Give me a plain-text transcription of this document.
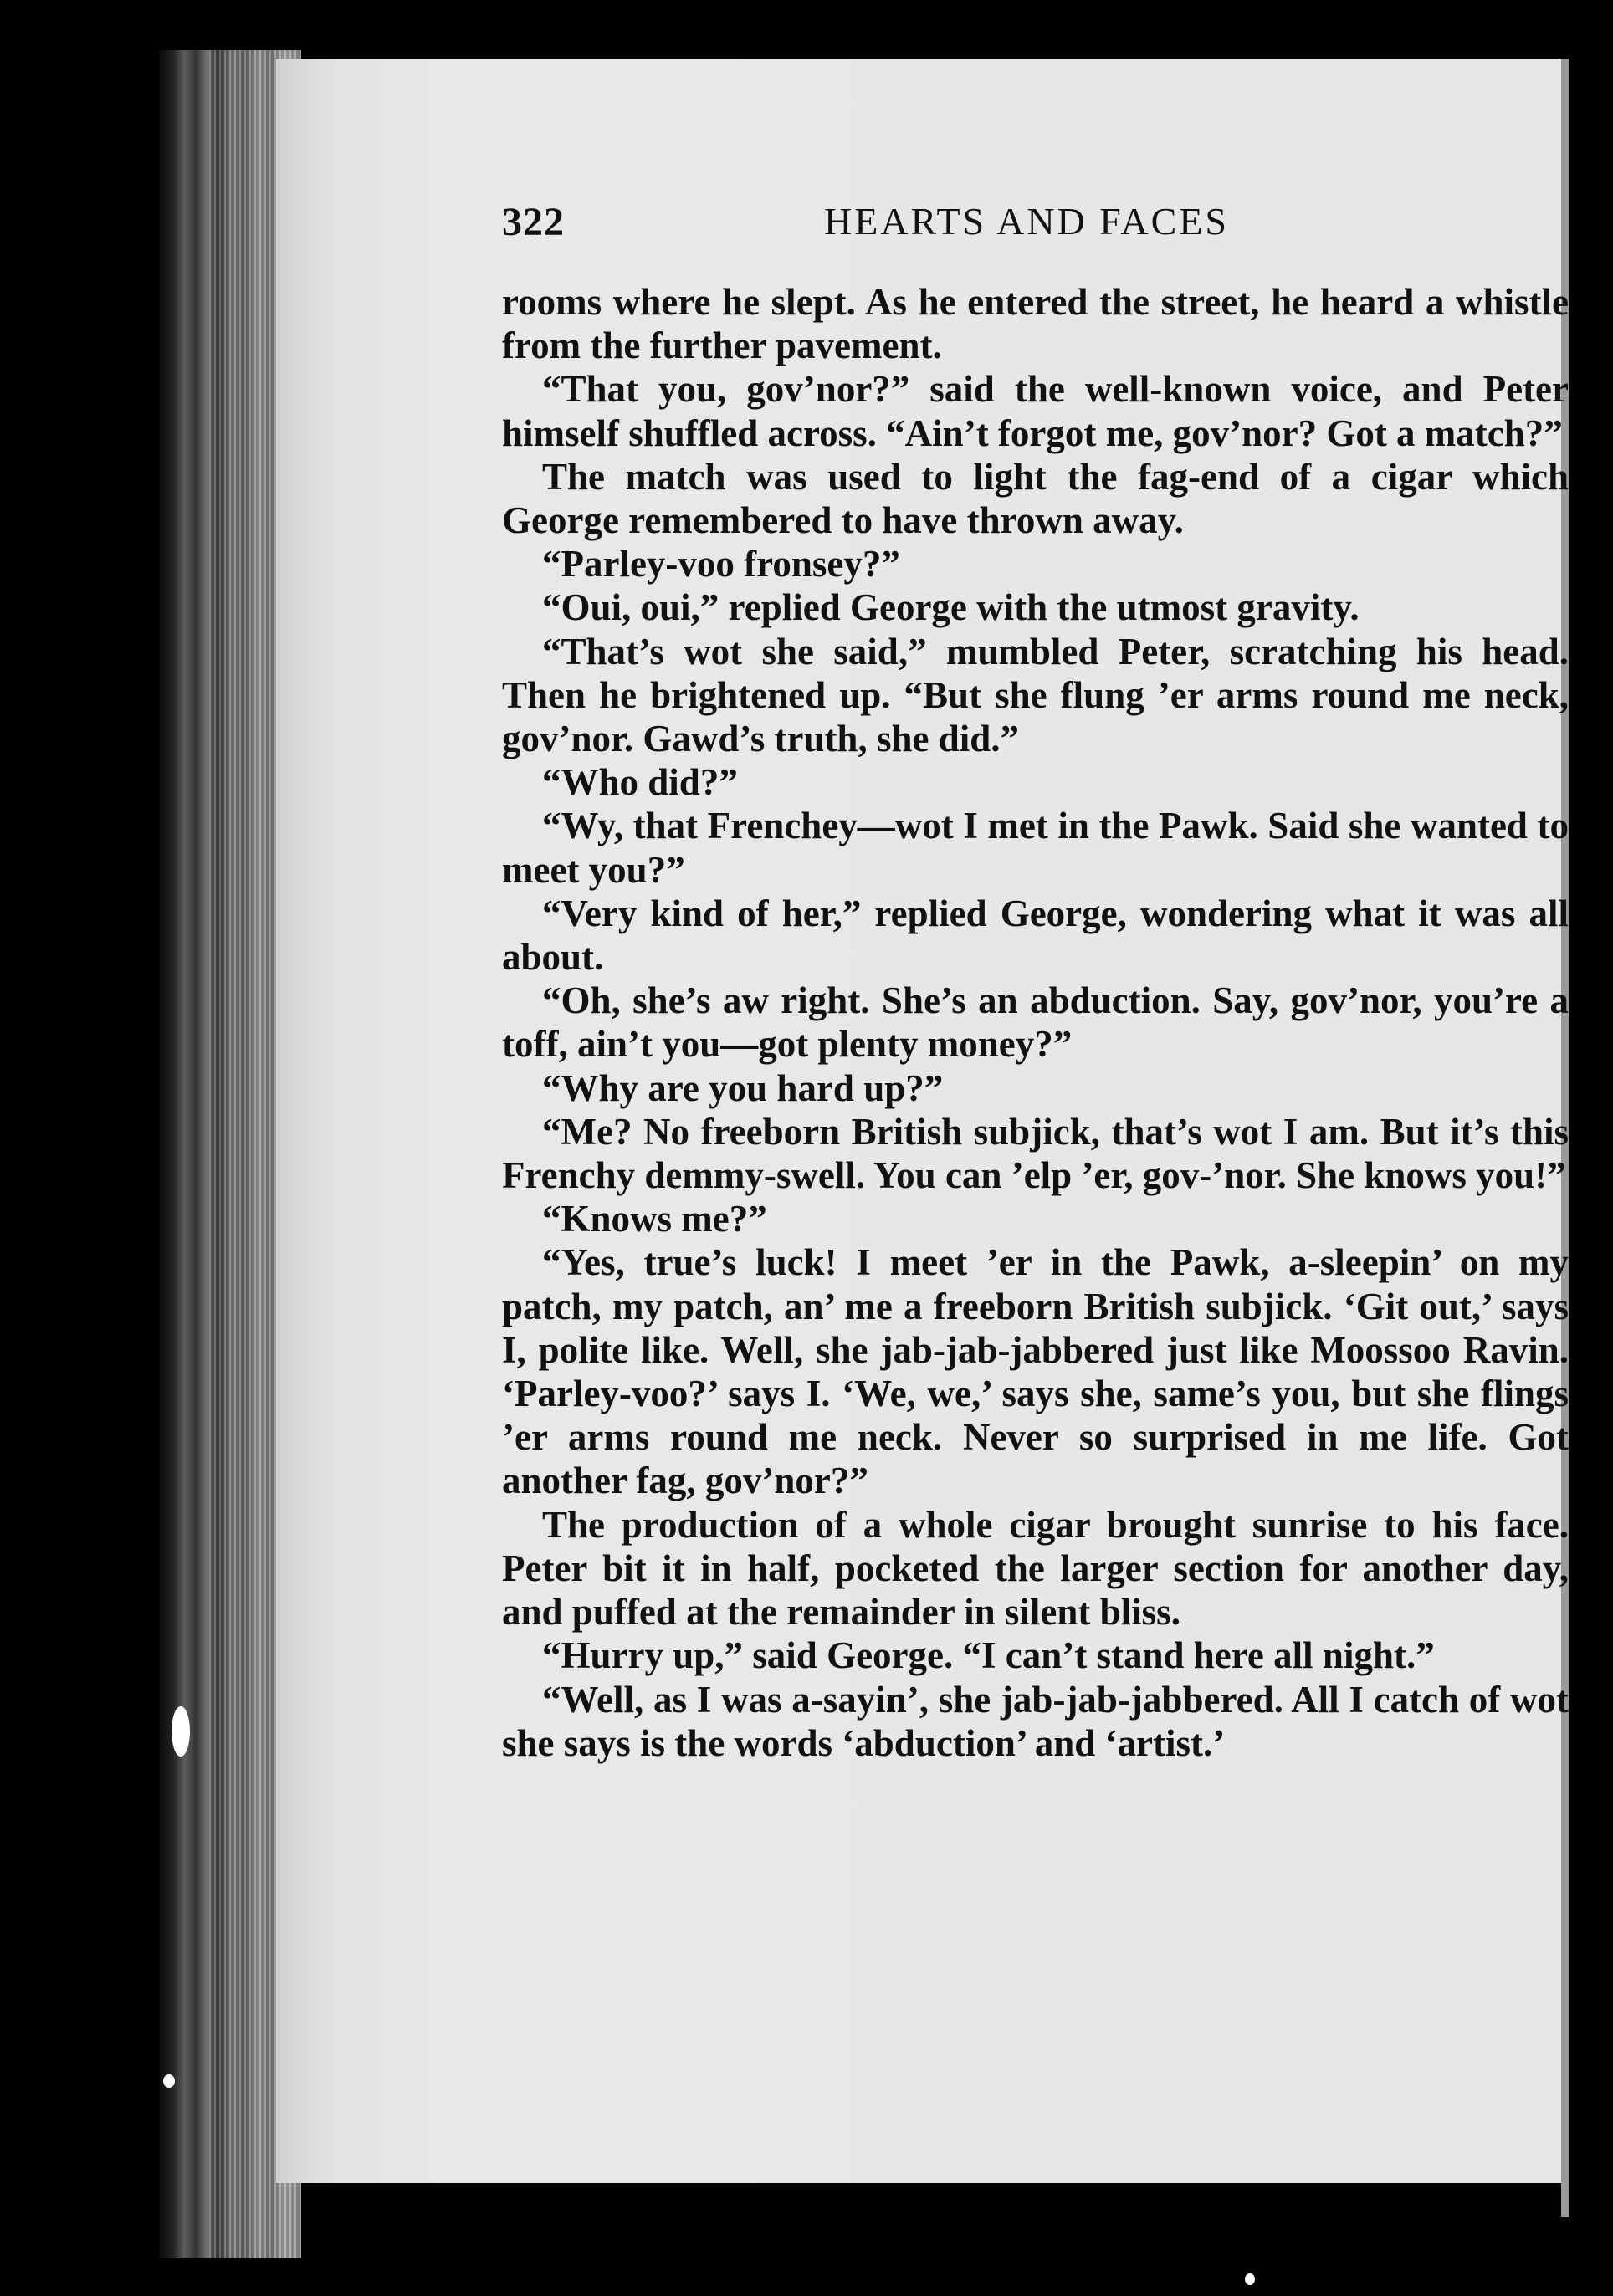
322	HEARTS AND FACES

rooms where he slept. As he entered the street, he heard a whistle from the further pavement.

“That you, gov’nor?” said the well-known voice, and Peter himself shuffled across. “Ain’t forgot me, gov’nor? Got a match?”

The match was used to light the fag-end of a cigar which George remembered to have thrown away.

“Parley-voo fronsey?”

“Oui, oui,” replied George with the utmost gravity.

“That’s wot she said,” mumbled Peter, scratching his head. Then he brightened up. “But she flung ’er arms round me neck, gov’nor. Gawd’s truth, she did.”

“Who did?”

“Wy, that Frenchey—wot I met in the Pawk. Said she wanted to meet you?”

“Very kind of her,” replied George, wondering what it was all about.

“Oh, she’s aw right. She’s an abduction. Say, gov’nor, you’re a toff, ain’t you—got plenty money?”

“Why are you hard up?”

“Me? No freeborn British subjick, that’s wot I am. But it’s this Frenchy demmy-swell. You can ’elp ’er, gov-’nor. She knows you!”

“Knows me?”

“Yes, true’s luck! I meet ’er in the Pawk, a-sleepin’ on my patch, my patch, an’ me a freeborn British subjick. ‘Git out,’ says I, polite like. Well, she jab-jab-jabbered just like Moossoo Ravin. ‘Parley-voo?’ says I. ‘We, we,’ says she, same’s you, but she flings ’er arms round me neck. Never so surprised in me life. Got another fag, gov’nor?”

The production of a whole cigar brought sunrise to his face. Peter bit it in half, pocketed the larger section for another day, and puffed at the remainder in silent bliss.

“Hurry up,” said George. “I can’t stand here all night.”

“Well, as I was a-sayin’, she jab-jab-jabbered. All I catch of wot she says is the words ‘abduction’ and ‘artist.’
